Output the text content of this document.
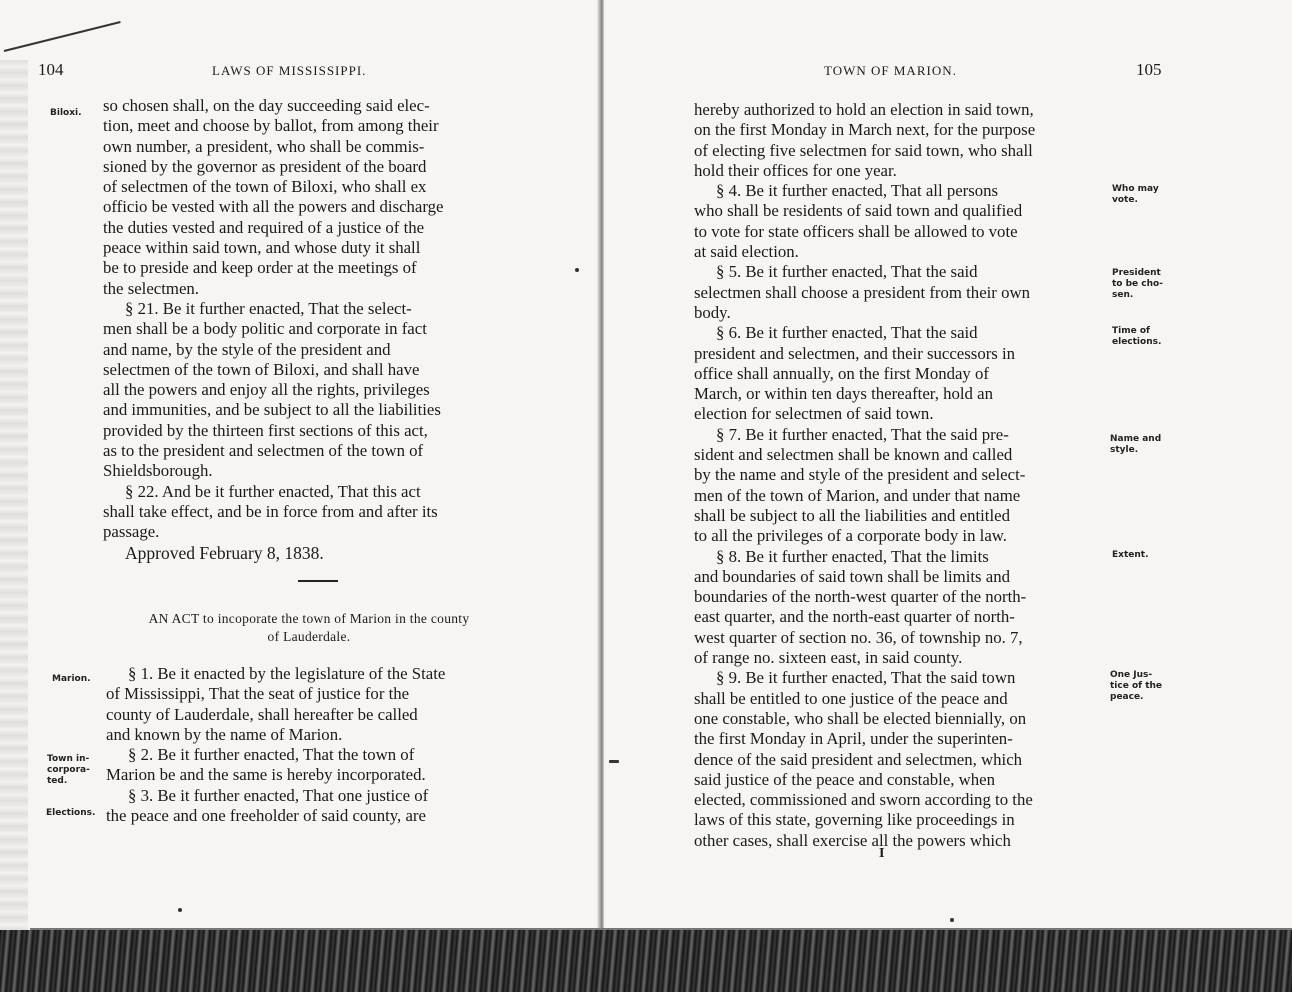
104	LAWS OF MISSISSIPPI.
Biloxi. so chosen shall, on the day succeeding said elec-

tion, meet and choose by ballot, from among their

own number, a president, who shall be commis-

sioned by the governor as president of the board

of selectmen of the town of Biloxi, who shall ex

officio be vested with all the powers and discharge

the duties vested and required of a justice of the

peace within said town, and whose duty it shall

be to preside and keep order at the meetings of

the selectmen.

§ 21. Be it further enacted, That the select-

men shall be a body politic and corporate in fact

and name, by the style of the president and

selectmen of the town of Biloxi, and shall have

all the powers and enjoy all the rights, privileges

and immunities, and be subject to all the liabilities

provided by the thirteen first sections of this act,

as to the president and selectmen of the town of

Shieldsborough.

§ 22. And be it further enacted, That this act

shall take effect, and be in force from and after its

passage.

Approved February 8, 1838.

AN ACT to incoporate the town of Marion in the county
of Lauderdale.
Marion.
Town in-
corpora-
ted.
Elections.

§ 1. Be it enacted by the legislature of the State

of Mississippi, That the seat of justice for the

county of Lauderdale, shall hereafter be called

and known by the name of Marion.

§ 2. Be it further enacted, That the town of

Marion be and the same is hereby incorporated.

§ 3. Be it further enacted, That one justice of

the peace and one freeholder of said county, are

TOWN OF MARION.	105

hereby authorized to hold an election in said town,

on the first Monday in March next, for the purpose

of electing five selectmen for said town, who shall

hold their offices for one year.

§ 4. Be it further enacted, That all persons

who shall be residents of said town and qualified

to vote for state officers shall be allowed to vote

at said election.

§ 5. Be it further enacted, That the said

selectmen shall choose a president from their own

body.

§ 6. Be it further enacted, That the said

president and selectmen, and their successors in

office shall annually, on the first Monday of

March, or within ten days thereafter, hold an

election for selectmen of said town.

§ 7. Be it further enacted, That the said pre-

sident and selectmen shall be known and called

by the name and style of the president and select-

men of the town of Marion, and under that name

shall be subject to all the liabilities and entitled

to all the privileges of a corporate body in law.

§ 8. Be it further enacted, That the limits

and boundaries of said town shall be limits and

boundaries of the north-west quarter of the north-

east quarter, and the north-east quarter of north-

west quarter of section no. 36, of township no. 7,

of range no. sixteen east, in said county.

§ 9. Be it further enacted, That the said town

shall be entitled to one justice of the peace and

one constable, who shall be elected biennially, on

the first Monday in April, under the superinten-

dence of the said president and selectmen, which

said justice of the peace and constable, when

elected, commissioned and sworn according to the

laws of this state, governing like proceedings in

other cases, shall exercise all the powers which

Who may
vote.
President
to be cho-
sen.
Time of
elections.
Name and
style.
Extent.
One Jus-
tice of the
peace.
I
